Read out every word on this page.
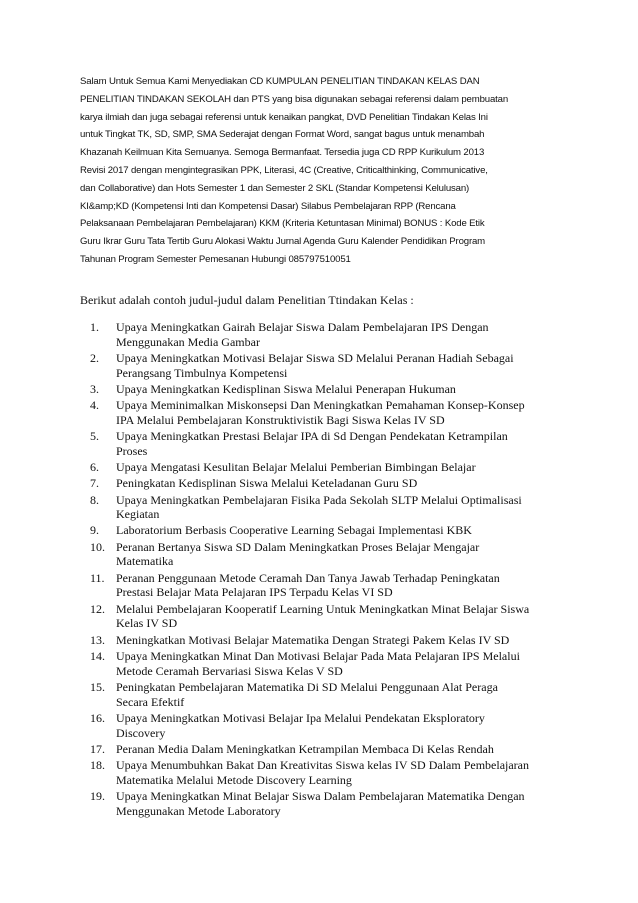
Salam Untuk Semua Kami Menyediakan CD KUMPULAN PENELITIAN TINDAKAN KELAS DAN
PENELITIAN TINDAKAN SEKOLAH dan PTS yang bisa digunakan sebagai referensi dalam pembuatan
karya ilmiah dan juga sebagai referensi untuk kenaikan pangkat, DVD Penelitian Tindakan Kelas Ini
untuk Tingkat TK, SD, SMP, SMA Sederajat dengan Format Word, sangat bagus untuk menambah
Khazanah Keilmuan Kita Semuanya. Semoga Bermanfaat. Tersedia juga CD RPP Kurikulum 2013
Revisi 2017 dengan mengintegrasikan PPK, Literasi, 4C (Creative, Criticalthinking, Communicative,
dan Collaborative) dan Hots Semester 1 dan Semester 2 SKL (Standar Kompetensi Kelulusan)
KI&amp;KD (Kompetensi Inti dan Kompetensi Dasar) Silabus Pembelajaran RPP (Rencana
Pelaksanaan Pembelajaran Pembelajaran) KKM (Kriteria Ketuntasan Minimal) BONUS : Kode Etik
Guru Ikrar Guru Tata Tertib Guru Alokasi Waktu Jurnal Agenda Guru Kalender Pendidikan Program
Tahunan Program Semester Pemesanan Hubungi 085797510051
Berikut adalah contoh judul-judul dalam Penelitian Ttindakan Kelas :
1.	Upaya Meningkatkan Gairah Belajar Siswa Dalam Pembelajaran IPS Dengan
Menggunakan Media Gambar
2.	Upaya Meningkatkan Motivasi Belajar Siswa SD Melalui Peranan Hadiah Sebagai
Perangsang Timbulnya Kompetensi
3.	Upaya Meningkatkan Kedisplinan Siswa Melalui Penerapan Hukuman
4.	Upaya Meminimalkan Miskonsepsi Dan Meningkatkan Pemahaman Konsep-Konsep
IPA Melalui Pembelajaran Konstruktivistik Bagi Siswa Kelas IV SD
5.	Upaya Meningkatkan Prestasi Belajar IPA di Sd Dengan Pendekatan Ketrampilan
Proses
6.	Upaya Mengatasi Kesulitan Belajar Melalui Pemberian Bimbingan Belajar
7.	Peningkatan Kedisplinan Siswa Melalui Keteladanan Guru SD
8.	Upaya Meningkatkan Pembelajaran Fisika Pada Sekolah SLTP Melalui Optimalisasi
Kegiatan
9.	Laboratorium Berbasis Cooperative Learning Sebagai Implementasi KBK
10. Peranan Bertanya Siswa SD Dalam Meningkatkan Proses Belajar Mengajar
Matematika
11. Peranan Penggunaan Metode Ceramah Dan Tanya Jawab Terhadap Peningkatan
Prestasi Belajar Mata Pelajaran IPS Terpadu Kelas VI SD
12. Melalui Pembelajaran Kooperatif Learning Untuk Meningkatkan Minat Belajar Siswa
Kelas IV SD
13. Meningkatkan Motivasi Belajar Matematika Dengan Strategi Pakem Kelas IV SD
14. Upaya Meningkatkan Minat Dan Motivasi Belajar Pada Mata Pelajaran IPS Melalui
Metode Ceramah Bervariasi Siswa Kelas V SD
15. Peningkatan Pembelajaran Matematika Di SD Melalui Penggunaan Alat Peraga
Secara Efektif
16. Upaya Meningkatkan Motivasi Belajar Ipa Melalui Pendekatan Eksploratory
Discovery
17. Peranan Media Dalam Meningkatkan Ketrampilan Membaca Di Kelas Rendah
18. Upaya Menumbuhkan Bakat Dan Kreativitas Siswa kelas IV SD Dalam Pembelajaran
Matematika Melalui Metode Discovery Learning
19. Upaya Meningkatkan Minat Belajar Siswa Dalam Pembelajaran Matematika Dengan
Menggunakan Metode Laboratory
